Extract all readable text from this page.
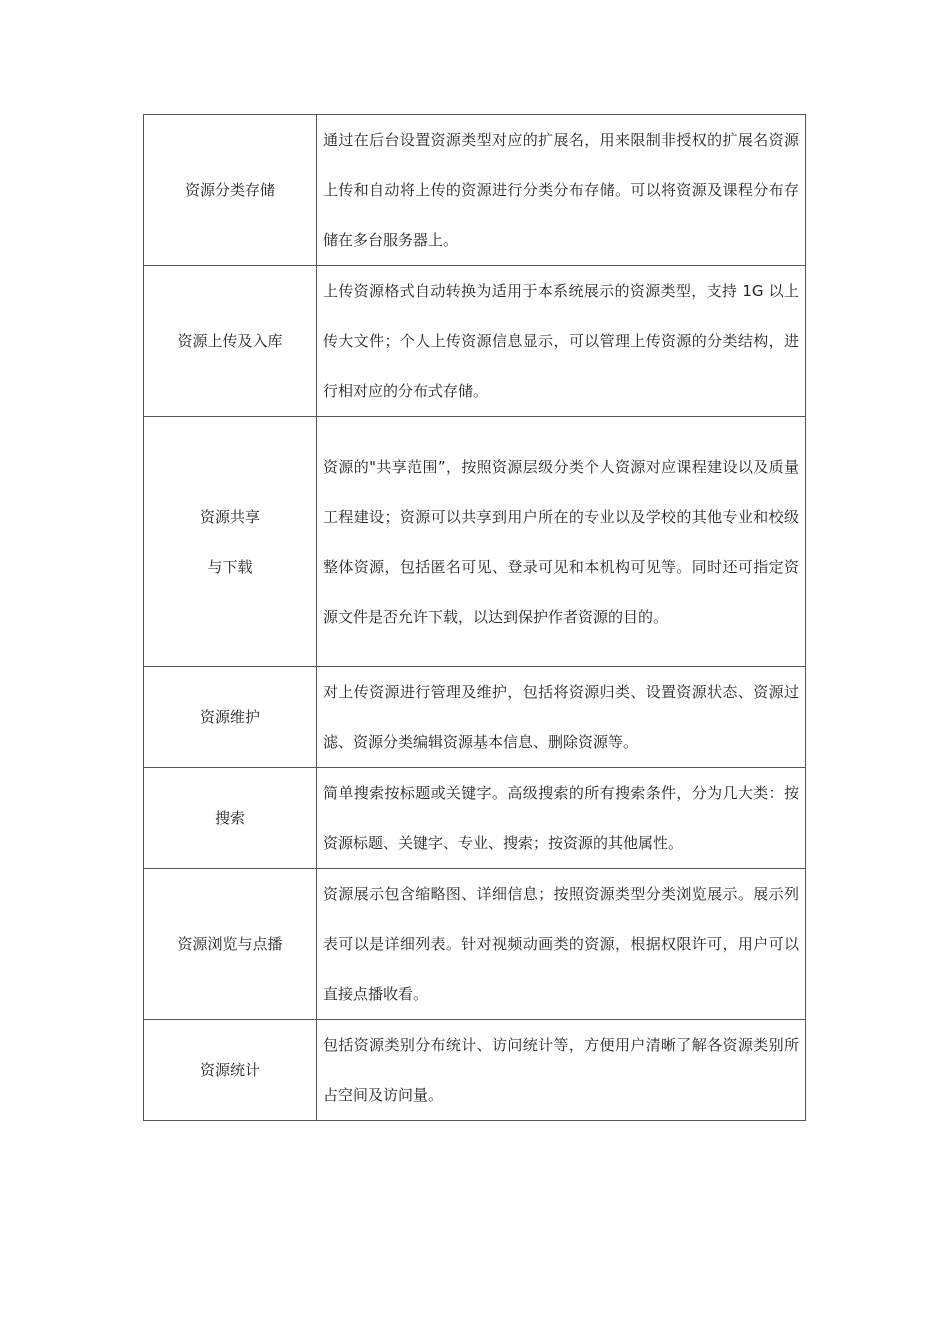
资源分类存储	通过在后台设置资源类型对应的扩展名，用来限制非授权的扩展名资源上传和自动将上传的资源进行分类分布存储。可以将资源及课程分布存储在多台服务器上。

资源上传及入库	上传资源格式自动转换为适用于本系统展示的资源类型，支持 1G 以上传大文件；个人上传资源信息显示，可以管理上传资源的分类结构，进行相对应的分布式存储。

资源共享
与下载	资源的"共享范围”，按照资源层级分类个人资源对应课程建设以及质量工程建设；资源可以共享到用户所在的专业以及学校的其他专业和校级整体资源，包括匿名可见、登录可见和本机构可见等。同时还可指定资源文件是否允许下载，以达到保护作者资源的目的。

资源维护	对上传资源进行管理及维护，包括将资源归类、设置资源状态、资源过滤、资源分类编辑资源基本信息、删除资源等。

搜索	简单搜索按标题或关键字。高级搜索的所有搜索条件，分为几大类：按资源标题、关键字、专业、搜索；按资源的其他属性。

资源浏览与点播	资源展示包含缩略图、详细信息；按照资源类型分类浏览展示。展示列表可以是详细列表。针对视频动画类的资源，根据权限许可，用户可以直接点播收看。

资源统计	包括资源类别分布统计、访问统计等，方便用户清晰了解各资源类别所占空间及访问量。
